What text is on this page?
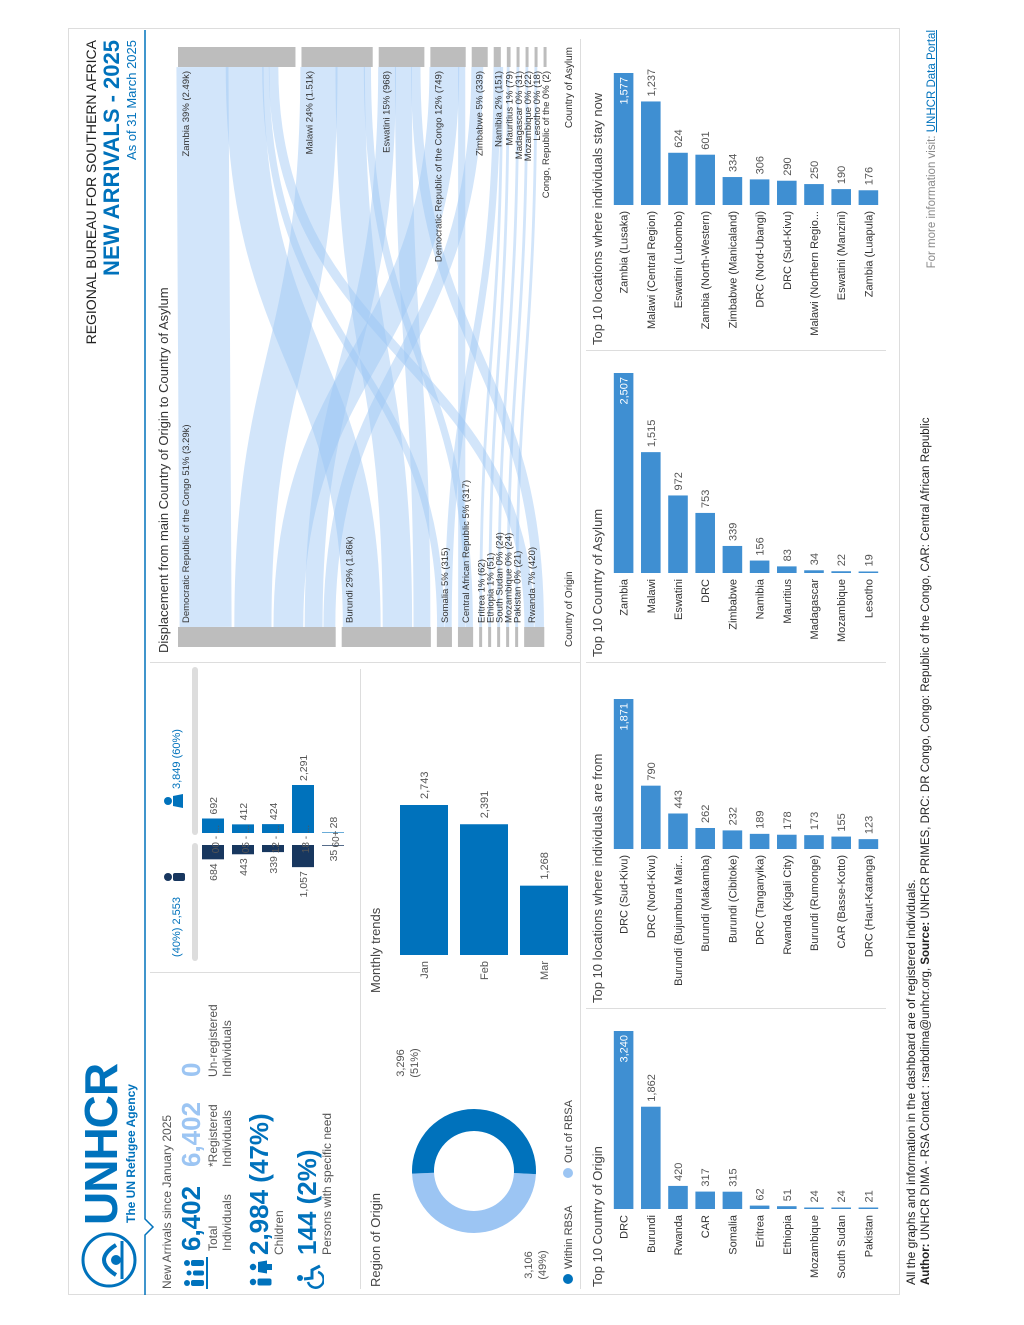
UNHCR
The UN Refugee Agency
REGIONAL BUREAU FOR SOUTHERN AFRICA NEW ARRIVALS - 2025 As of 31 March 2025
New Arrivals since January 2025 6,402 Total Individuals
6,402 *Registered Individuals
0 Un-registered Individuals
2,984 (47%)
Children 144 (2%)
Persons with specific need
(40%) 2,553
3,849 (60%)
684
692
00 - ...
443
412
05 - ...
339
424
12 - ...
1,057
2,291
18 - ...
35
28
60+
Region of Origin	3,106 (49%)
3,296 (51%)
Within RBSA
Out of RBSA
Monthly trends	Jan
2,743
Feb
2,391
Mar
1,268
Displacement from main Country of Origin to Country of Asylum Democratic Republic of the Congo 51% (3.29k)	Burundi 29% (1.86k)	Somalia 5% (315) Central African Republic 5% (317) Eritrea 1% (62)
Ethiopia 1% (51)
South Sudan 0% (24)
Mozambique 0% (24)
Pakistan 0% (21) Rwanda 7% (420)
Zambia 39% (2.49k)	Malawi 24% (1.51k)	Eswatini 15% (968)	Democratic Republic of the Congo 12% (749)	Zimbabwe 5% (339) Namibia 2% (151) Mauritius 1% (79)
Madagascar 0% (31)
Mozambique 0% (22)
Lesotho 0% (18)
Congo, Republic of the 0% (2)
Country of Origin
Country of Asylum
Top 10 Country of Origin DRC
3,240
Burundi
1,862
Rwanda
420
CAR
317
Somalia
315
Eritrea
62
Ethiopia
51
Mozambique
24
South Sudan
24
Pakistan
21
Top 10 locations where individuals are from DRC (Sud-Kivu)
1,871
DRC (Nord-Kivu)
790
Burundi (Bujumbura Mair...
443
Burundi (Makamba)
262
Burundi (Cibitoke)
232
DRC (Tanganyika)
189
Rwanda (Kigali City)
178
Burundi (Rumonge)
173
CAR (Basse-Kotto)
155
DRC (Haut-Katanga)
123
Top 10 Country of Asylum Zambia
2,507
Malawi
1,515
Eswatini
972
DRC
753
Zimbabwe
339
Namibia
156
Mauritius
83
Madagascar
34
Mozambique
22
Lesotho
19
Top 10 locations where individuals stay now Zambia (Lusaka)
1,577
Malawi (Central Region)
1,237
Eswatini (Lubombo)
624
Zambia (North-Western)
601
Zimbabwe (Manicaland)
334
DRC (Nord-Ubangi)
306
DRC (Sud-Kivu)
290
Malawi (Northern Regio...
250
Eswatini (Manzini)
190
Zambia (Luapula)
176
All the graphs and information in the dashboard are of registered individuals. Author: UNHCR DIMA - RSA Contact : rsarbdima@unhcr.org, Source: UNHCR PRIMES, DRC: DR Congo, Congo: Republic of the Congo, CAR: Central African Republic
For more information visit: UNHCR Data Portal
